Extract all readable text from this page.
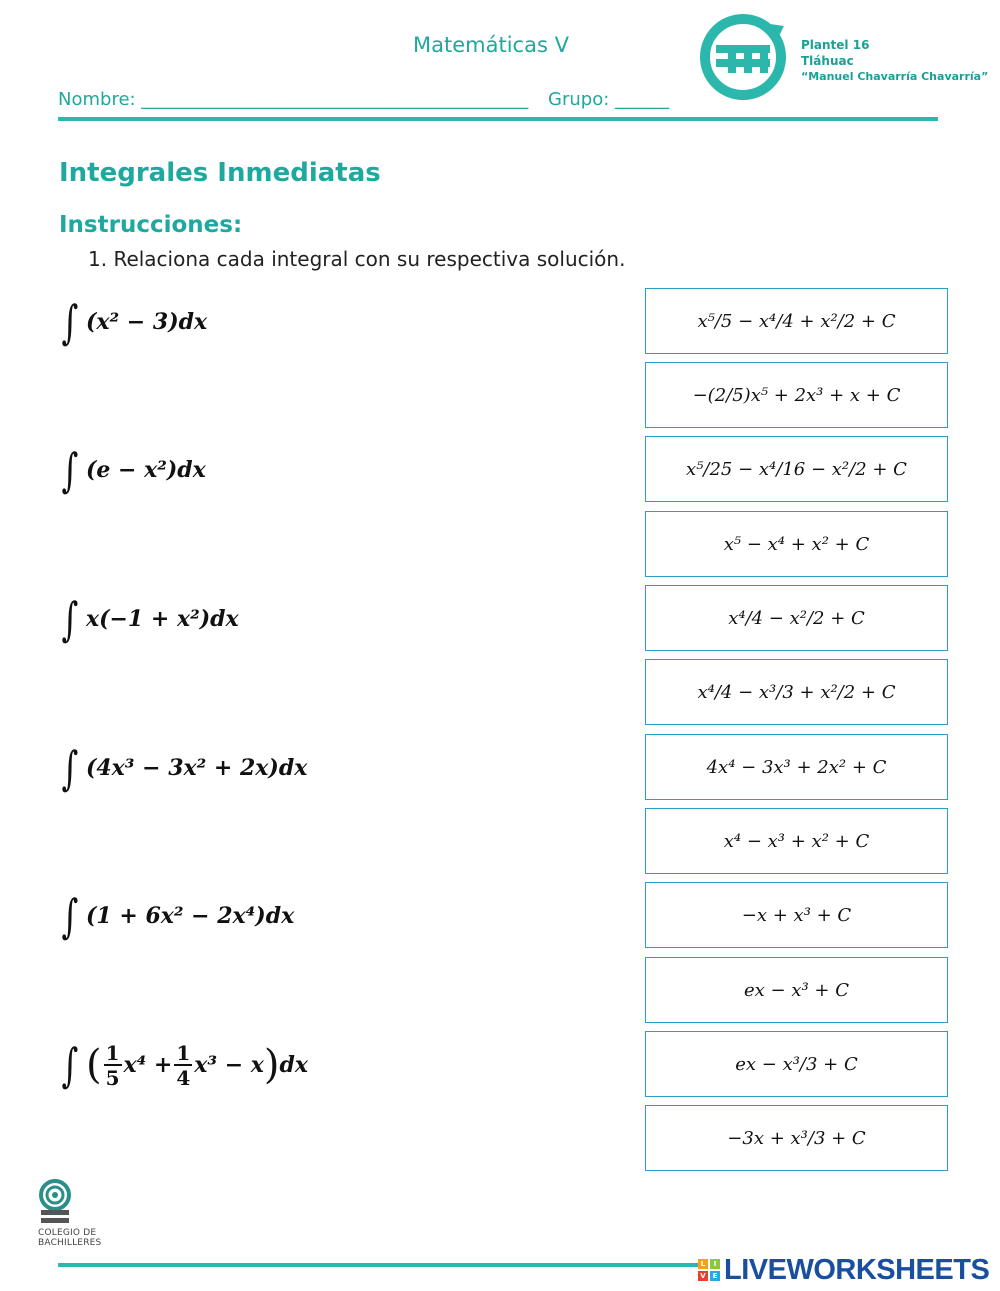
Matemáticas V
Nombre: ___________________________________________ Grupo: ______
Plantel 16
Tláhuac
“Manuel Chavarría Chavarría”
Integrales Inmediatas
Instrucciones:
1. Relaciona cada integral con su respectiva solución.
∫ (x² − 3)dx
∫ (e − x²)dx
∫ x(−1 + x²)dx
∫ (4x³ − 3x² + 2x)dx
∫ (1 + 6x² − 2x⁴)dx
∫ ( $\frac{1}{5} x^4 + \frac{1}{4} x^3 - x$ ) dx
x⁵/5 − x⁴/4 + x²/2 + C
−(2/5)x⁵ + 2x³ + x + C
x⁵/25 − x⁴/16 − x²/2 + C
x⁵ − x⁴ + x² + C
x⁴/4 − x²/2 + C
x⁴/4 − x³/3 + x²/2 + C
4x⁴ − 3x³ + 2x² + C
x⁴ − x³ + x² + C
−x + x³ + C
ex − x³ + C
ex − x³/3 + C
−3x + x³/3 + C
COLEGIO DE
BACHILLERES
L	I
V E LIVEWORKSHEETS
